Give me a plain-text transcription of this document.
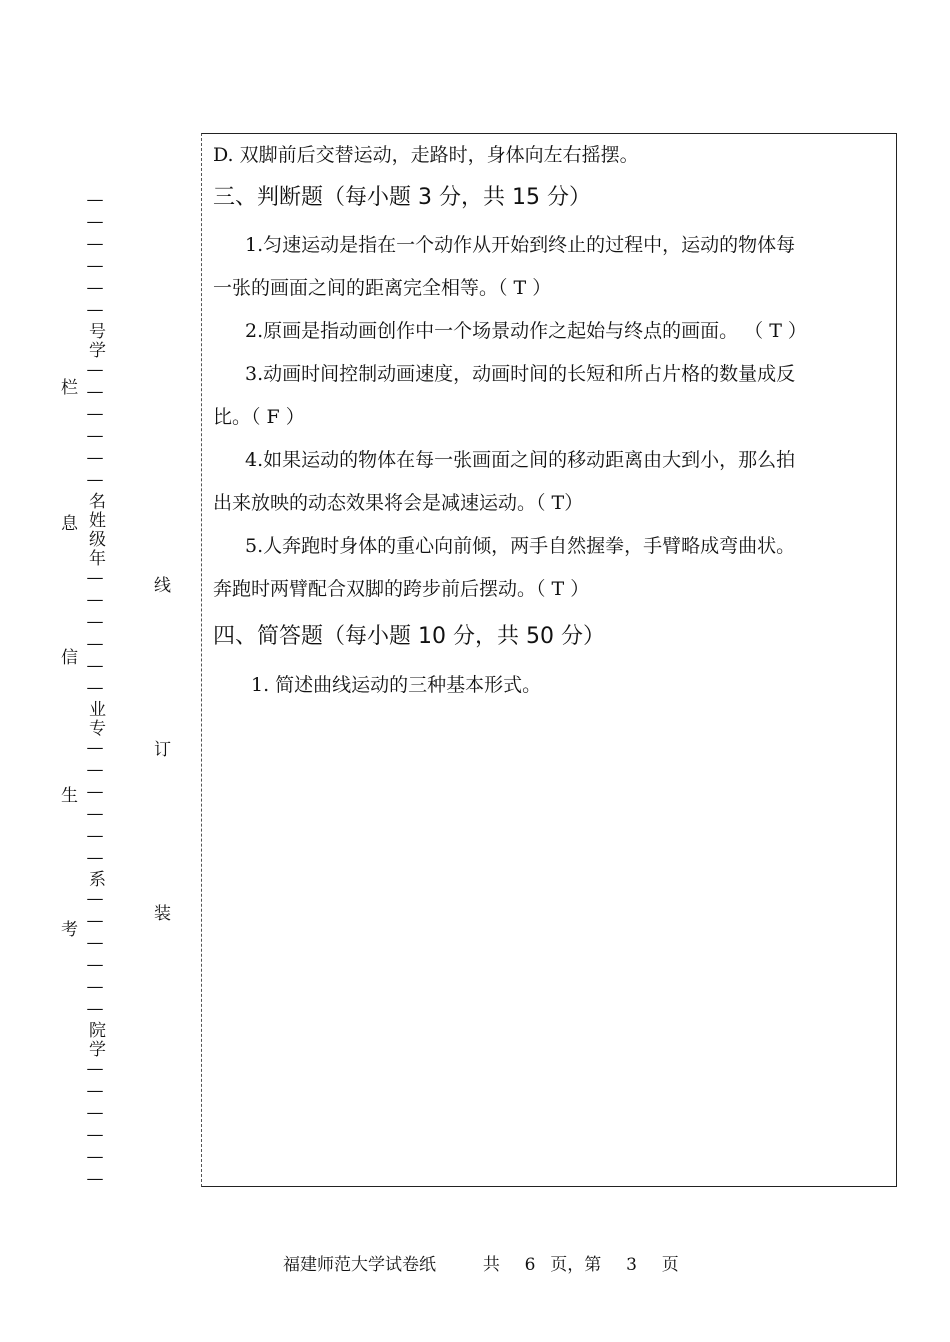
栏
息
信
生
考 ——————号学——————名姓级年——————业专——————系——————院学——————	线
订
装
D. 双脚前后交替运动，走路时，身体向左右摇摆。
三、判断题（每小题 3 分，共 15 分）
1.匀速运动是指在一个动作从开始到终止的过程中，运动的物体每
一张的画面之间的距离完全相等。（ T ）
2.原画是指动画创作中一个场景动作之起始与终点的画面。 （ T ）
3.动画时间控制动画速度，动画时间的长短和所占片格的数量成反
比。（ F ）
4.如果运动的物体在每一张画面之间的移动距离由大到小，那么拍
出来放映的动态效果将会是减速运动。（ T）
5.人奔跑时身体的重心向前倾，两手自然握拳，手臂略成弯曲状。
奔跑时两臂配合双脚的跨步前后摆动。（ T ）
四、简答题（每小题 10 分，共 50 分）
1. 简述曲线运动的三种基本形式。
福建师范大学试卷纸	共 6 页，第 3 页
